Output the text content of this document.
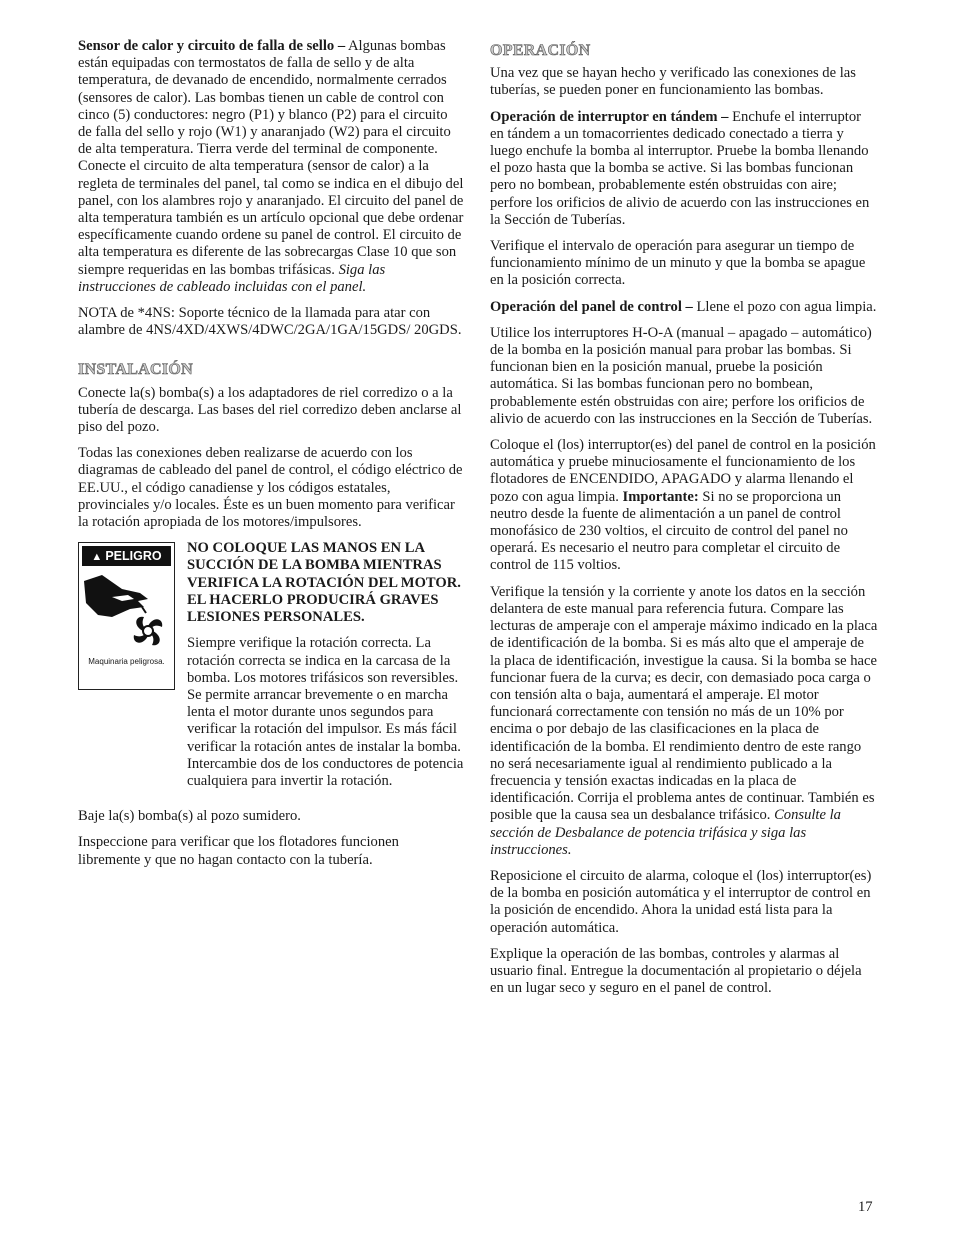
Sensor de calor y circuito de falla de sello – Algunas bombas están equipadas con termostatos de falla de sello y de alta temperatura, de devanado de encendido, normalmente cerrados (sensores de calor). Las bombas tienen un cable de control con cinco (5) conductores: negro (P1) y blanco (P2) para el circuito de falla del sello y rojo (W1) y anaranjado (W2) para el circuito de alta temperatura. Tierra verde del terminal de componente. Conecte el circuito de alta temperatura (sensor de calor) a la regleta de terminales del panel, tal como se indica en el dibujo del panel, con los alambres rojo y anaranjado. El circuito del panel de alta temperatura también es un artículo opcional que debe ordenar específicamente cuando ordene su panel de control. El circuito de alta temperatura es diferente de las sobrecargas Clase 10 que son siempre requeridas en las bombas trifásicas. Siga las instrucciones de cableado incluidas con el panel.

NOTA de *4NS: Soporte técnico de la llamada para atar con alambre de 4NS/4XD/4XWS/4DWC/2GA/1GA/15GDS/ 20GDS.

INSTALACIÓN

Conecte la(s) bomba(s) a los adaptadores de riel corredizo o a la tubería de descarga. Las bases del riel corredizo deben anclarse al piso del pozo.

Todas las conexiones deben realizarse de acuerdo con los diagramas de cableado del panel de control, el código eléctrico de EE.UU., el código canadiense y los códigos estatales, provinciales y/o locales. Éste es un buen momento para verificar la rotación apropiada de los motores/impulsores.

▲ PELIGRO
Maquinaria peligrosa.

NO COLOQUE LAS MANOS EN LA SUCCIÓN DE LA BOMBA MIENTRAS VERIFICA LA ROTACIÓN DEL MOTOR. EL HACERLO PRODUCIRÁ GRAVES LESIONES PERSONALES.

Siempre verifique la rotación correcta. La rotación correcta se indica en la carcasa de la bomba. Los motores trifásicos son reversibles. Se permite arrancar brevemente o en marcha lenta el motor durante unos segundos para verificar la rotación del impulsor. Es más fácil verificar la rotación antes de instalar la bomba. Intercambie dos de los conductores de potencia cualquiera para invertir la rotación.

Baje la(s) bomba(s) al pozo sumidero.

Inspeccione para verificar que los flotadores funcionen libremente y que no hagan contacto con la tubería.

OPERACIÓN

Una vez que se hayan hecho y verificado las conexiones de las tuberías, se pueden poner en funcionamiento las bombas.

Operación de interruptor en tándem – Enchufe el interruptor en tándem a un tomacorrientes dedicado conectado a tierra y luego enchufe la bomba al interruptor. Pruebe la bomba llenando el pozo hasta que la bomba se active. Si las bombas funcionan pero no bombean, probablemente estén obstruidas con aire; perfore los orificios de alivio de acuerdo con las instrucciones en la Sección de Tuberías.

Verifique el intervalo de operación para asegurar un tiempo de funcionamiento mínimo de un minuto y que la bomba se apague en la posición correcta.

Operación del panel de control – Llene el pozo con agua limpia.

Utilice los interruptores H-O-A (manual – apagado – automático) de la bomba en la posición manual para probar las bombas. Si funcionan bien en la posición manual, pruebe la posición automática. Si las bombas funcionan pero no bombean, probablemente estén obstruidas con aire; perfore los orificios de alivio de acuerdo con las instrucciones en la Sección de Tuberías.

Coloque el (los) interruptor(es) del panel de control en la posición automática y pruebe minuciosamente el funcionamiento de los flotadores de ENCENDIDO, APAGADO y alarma llenando el pozo con agua limpia. Importante: Si no se proporciona un neutro desde la fuente de alimentación a un panel de control monofásico de 230 voltios, el circuito de control del panel no operará. Es necesario el neutro para completar el circuito de control de 115 voltios.

Verifique la tensión y la corriente y anote los datos en la sección delantera de este manual para referencia futura. Compare las lecturas de amperaje con el amperaje máximo indicado en la placa de identificación de la bomba. Si es más alto que el amperaje de la placa de identificación, investigue la causa. Si la bomba se hace funcionar fuera de la curva; es decir, con demasiado poca carga o con tensión alta o baja, aumentará el amperaje. El motor funcionará correctamente con tensión no más de un 10% por encima o por debajo de las clasificaciones en la placa de identificación de la bomba. El rendimiento dentro de este rango no será necesariamente igual al rendimiento publicado a la frecuencia y tensión exactas indicadas en la placa de identificación. Corrija el problema antes de continuar. También es posible que la causa sea un desbalance trifásico. Consulte la sección de Desbalance de potencia trifásica y siga las instrucciones.

Reposicione el circuito de alarma, coloque el (los) interruptor(es) de la bomba en posición automática y el interruptor de control en la posición de encendido. Ahora la unidad está lista para la operación automática.

Explique la operación de las bombas, controles y alarmas al usuario final. Entregue la documentación al propietario o déjela en un lugar seco y seguro en el panel de control.

17
